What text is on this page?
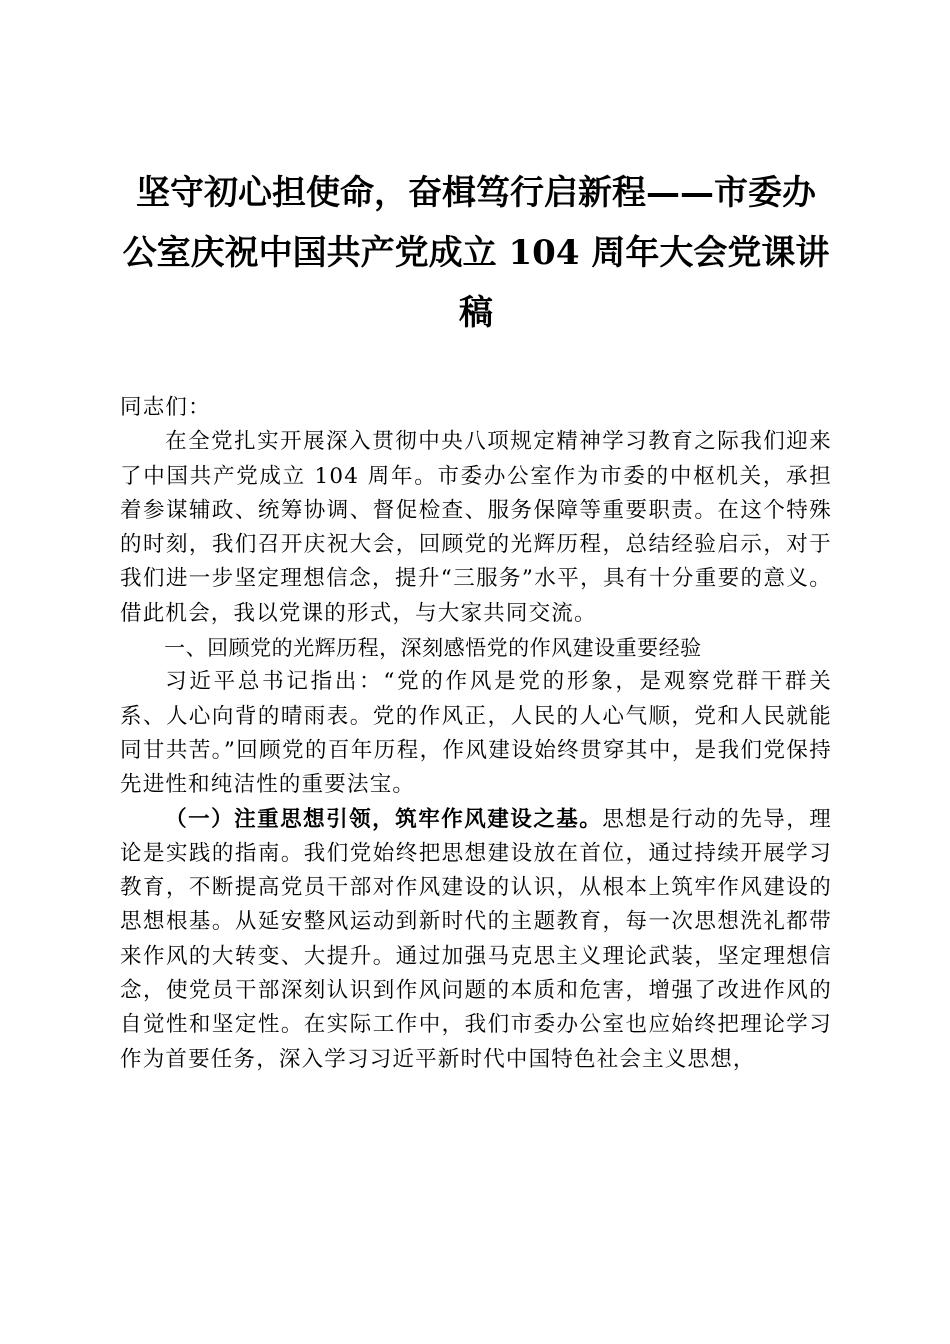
坚守初心担使命，奋楫笃行启新程——市委办
公室庆祝中国共产党成立 104 周年大会党课讲
稿

同志们：

在全党扎实开展深入贯彻中央八项规定精神学习教育之际我们迎来了中国共产党成立 104 周年。市委办公室作为市委的中枢机关，承担着参谋辅政、统筹协调、督促检查、服务保障等重要职责。在这个特殊的时刻，我们召开庆祝大会，回顾党的光辉历程，总结经验启示，对于我们进一步坚定理想信念，提升“三服务”水平，具有十分重要的意义。借此机会，我以党课的形式，与大家共同交流。

一、回顾党的光辉历程，深刻感悟党的作风建设重要经验

习近平总书记指出：“党的作风是党的形象，是观察党群干群关系、人心向背的晴雨表。党的作风正，人民的人心气顺，党和人民就能同甘共苦。”回顾党的百年历程，作风建设始终贯穿其中，是我们党保持先进性和纯洁性的重要法宝。

（一）注重思想引领，筑牢作风建设之基。思想是行动的先导，理论是实践的指南。我们党始终把思想建设放在首位，通过持续开展学习教育，不断提高党员干部对作风建设的认识，从根本上筑牢作风建设的思想根基。从延安整风运动到新时代的主题教育，每一次思想洗礼都带来作风的大转变、大提升。通过加强马克思主义理论武装，坚定理想信念，使党员干部深刻认识到作风问题的本质和危害，增强了改进作风的自觉性和坚定性。在实际工作中，我们市委办公室也应始终把理论学习作为首要任务，深入学习习近平新时代中国特色社会主义思想，
